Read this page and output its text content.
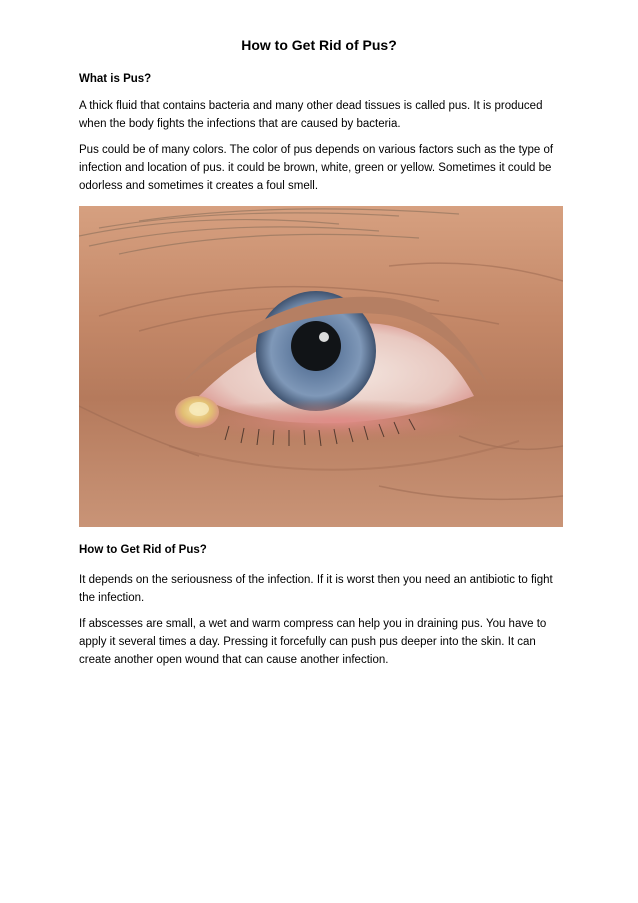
How to Get Rid of Pus?
What is Pus?
A thick fluid that contains bacteria and many other dead tissues is called pus. It is produced when the body fights the infections that are caused by bacteria.
Pus could be of many colors. The color of pus depends on various factors such as the type of infection and location of pus. it could be brown, white, green or yellow. Sometimes it could be odorless and sometimes it creates a foul smell.
How to Get Rid of Pus?
It depends on the seriousness of the infection. If it is worst then you need an antibiotic to fight the infection.
If abscesses are small, a wet and warm compress can help you in draining pus. You have to apply it several times a day. Pressing it forcefully can push pus deeper into the skin. It can create another open wound that can cause another infection.
